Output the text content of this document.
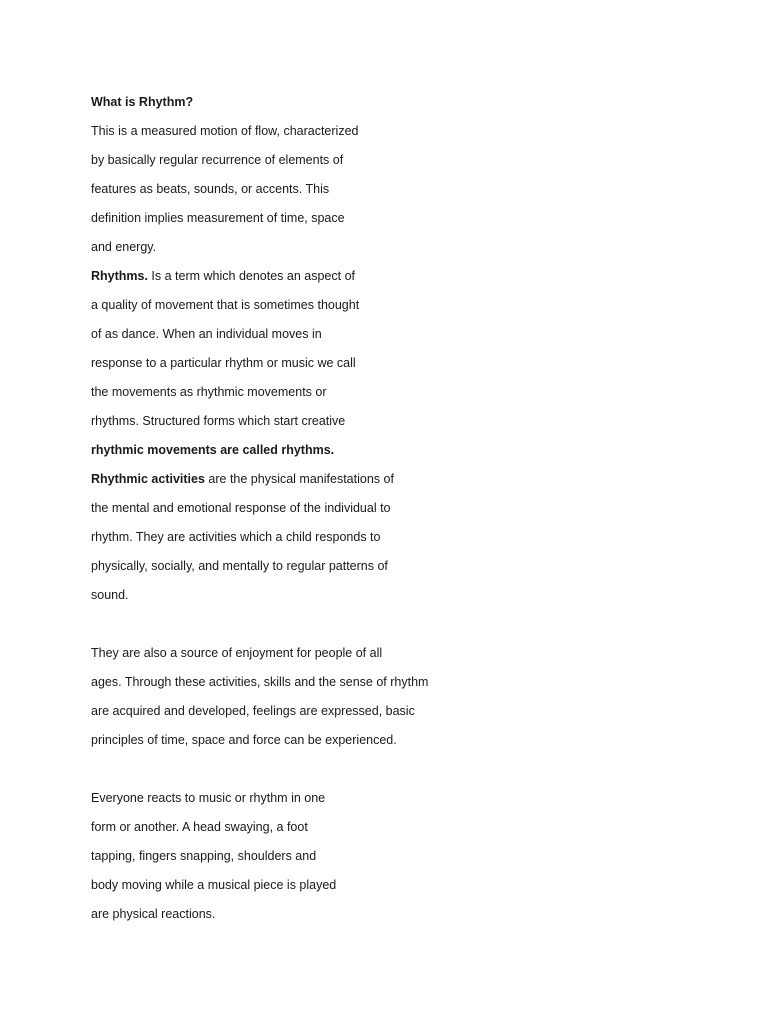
What is Rhythm?
This is a measured motion of flow, characterized
by basically regular recurrence of elements of
features as beats, sounds, or accents. This
definition implies measurement of time, space
and energy.
Rhythms. Is a term which denotes an aspect of
a quality of movement that is sometimes thought
of as dance. When an individual moves in
response to a particular rhythm or music we call
the movements as rhythmic movements or
rhythms. Structured forms which start creative
rhythmic movements are called rhythms.
Rhythmic activities are the physical manifestations of
the mental and emotional response of the individual to
rhythm. They are activities which a child responds to
physically, socially, and mentally to regular patterns of
sound.
They are also a source of enjoyment for people of all
ages. Through these activities, skills and the sense of rhythm
are acquired and developed, feelings are expressed, basic
principles of time, space and force can be experienced.
Everyone reacts to music or rhythm in one
form or another. A head swaying, a foot
tapping, fingers snapping, shoulders and
body moving while a musical piece is played
are physical reactions.
